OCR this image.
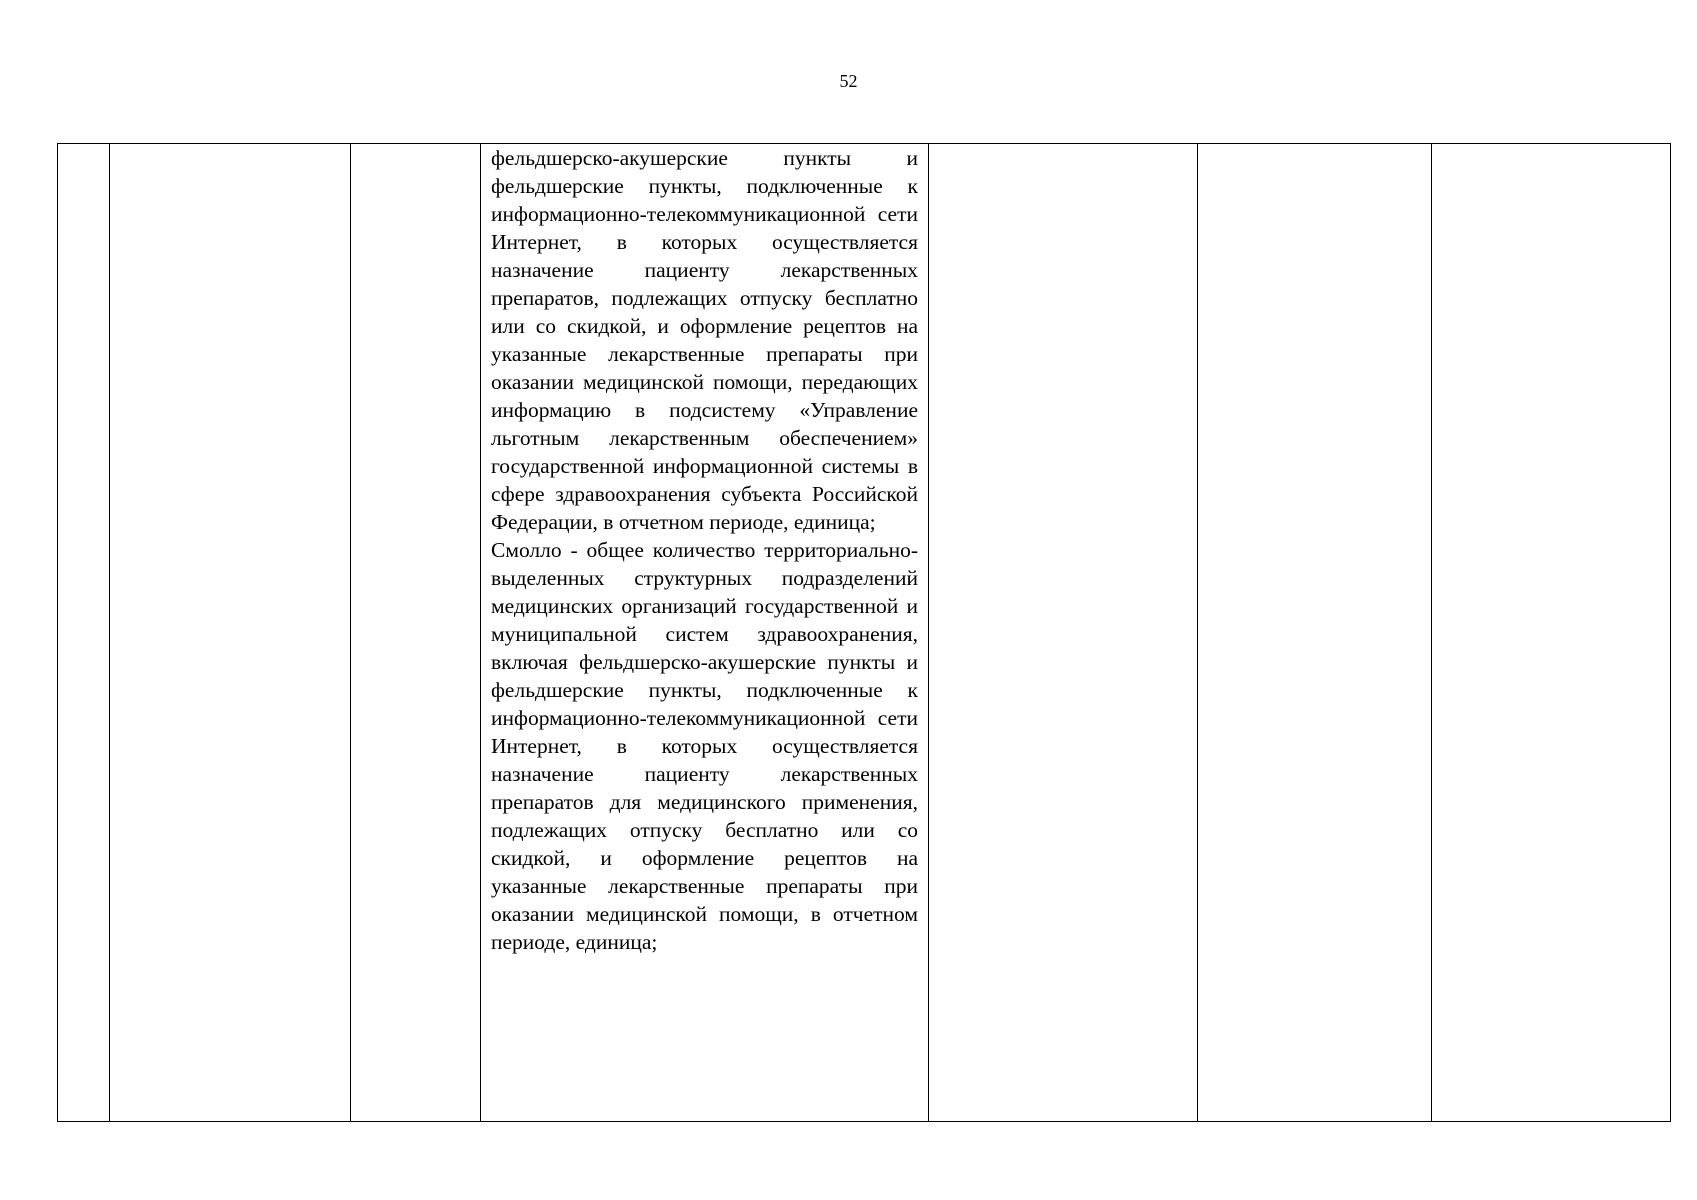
52

фельдшерско-акушерские пункты и фельдшерские пункты, подключенные к информационно-телекоммуникационной сети Интернет, в которых осуществляется назначение пациенту лекарственных препаратов, подлежащих отпуску бесплатно или со скидкой, и оформление рецептов на указанные лекарственные препараты при оказании медицинской помощи, передающих информацию в подсистему «Управление льготным лекарственным обеспечением» государственной информационной системы в сфере здравоохранения субъекта Российской Федерации, в отчетном периоде, единица;

Смолло - общее количество территориально-выделенных структурных подразделений медицинских организаций государственной и муниципальной систем здравоохранения, включая фельдшерско-акушерские пункты и фельдшерские пункты, подключенные к информационно-телекоммуникационной сети Интернет, в которых осуществляется назначение пациенту лекарственных препаратов для медицинского применения, подлежащих отпуску бесплатно или со скидкой, и оформление рецептов на указанные лекарственные препараты при оказании медицинской помощи, в отчетном периоде, единица;
